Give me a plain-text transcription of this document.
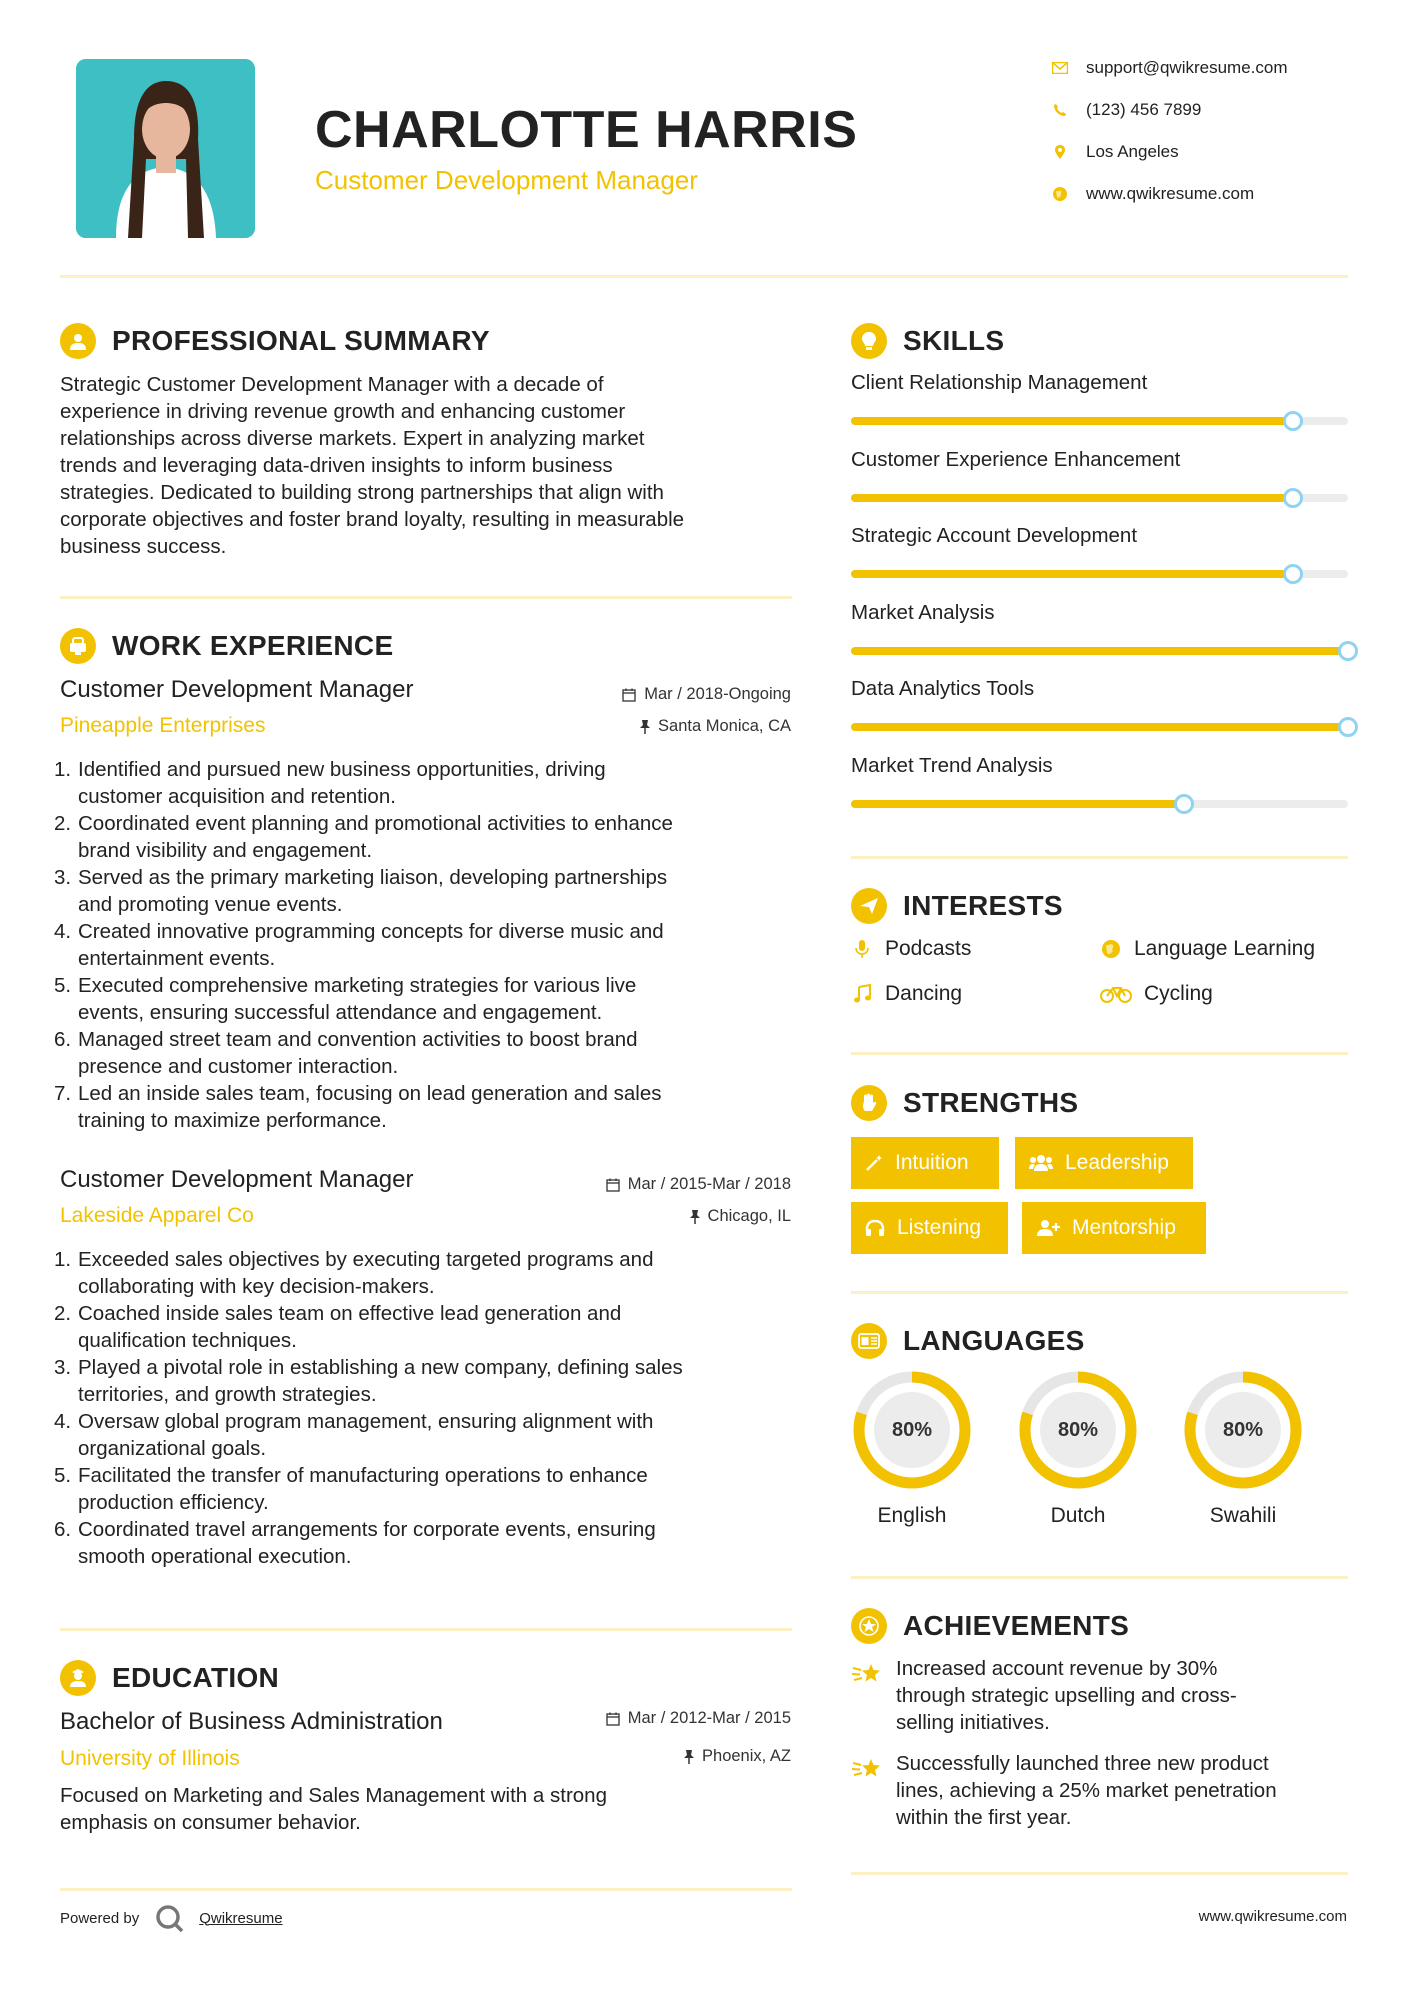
CHARLOTTE HARRIS
Customer Development Manager
support@qwikresume.com
(123) 456 7899
Los Angeles
www.qwikresume.com
PROFESSIONAL SUMMARY
Strategic Customer Development Manager with a decade of
experience in driving revenue growth and enhancing customer
relationships across diverse markets. Expert in analyzing market
trends and leveraging data-driven insights to inform business
strategies. Dedicated to building strong partnerships that align with
corporate objectives and foster brand loyalty, resulting in measurable
business success.
WORK EXPERIENCE
Customer Development Manager	Mar / 2018-Ongoing
Pineapple Enterprises	Santa Monica, CA
1. Identified and pursued new business opportunities, driving
customer acquisition and retention.
2. Coordinated event planning and promotional activities to enhance
brand visibility and engagement.
3. Served as the primary marketing liaison, developing partnerships
and promoting venue events.
4. Created innovative programming concepts for diverse music and
entertainment events.
5. Executed comprehensive marketing strategies for various live
events, ensuring successful attendance and engagement.
6. Managed street team and convention activities to boost brand
presence and customer interaction.
7. Led an inside sales team, focusing on lead generation and sales
training to maximize performance.
Customer Development Manager	Mar / 2015-Mar / 2018
Lakeside Apparel Co	Chicago, IL
1. Exceeded sales objectives by executing targeted programs and
collaborating with key decision-makers.
2. Coached inside sales team on effective lead generation and
qualification techniques.
3. Played a pivotal role in establishing a new company, defining sales
territories, and growth strategies.
4. Oversaw global program management, ensuring alignment with
organizational goals.
5. Facilitated the transfer of manufacturing operations to enhance
production efficiency.
6. Coordinated travel arrangements for corporate events, ensuring
smooth operational execution.
EDUCATION
Bachelor of Business Administration	Mar / 2012-Mar / 2015
University of Illinois	Phoenix, AZ
Focused on Marketing and Sales Management with a strong
emphasis on consumer behavior.
SKILLS
Client Relationship Management
Customer Experience Enhancement
Strategic Account Development
Market Analysis
Data Analytics Tools
Market Trend Analysis
INTERESTS
Podcasts	Language Learning
Dancing	Cycling
STRENGTHS
Intuition	Leadership
Listening	Mentorship
LANGUAGES
80%
English
80%
Dutch
80%
Swahili
ACHIEVEMENTS
Increased account revenue by 30%
through strategic upselling and cross-
selling initiatives.
Successfully launched three new product
lines, achieving a 25% market penetration
within the first year.
Powered by	Qwikresume	www.qwikresume.com
